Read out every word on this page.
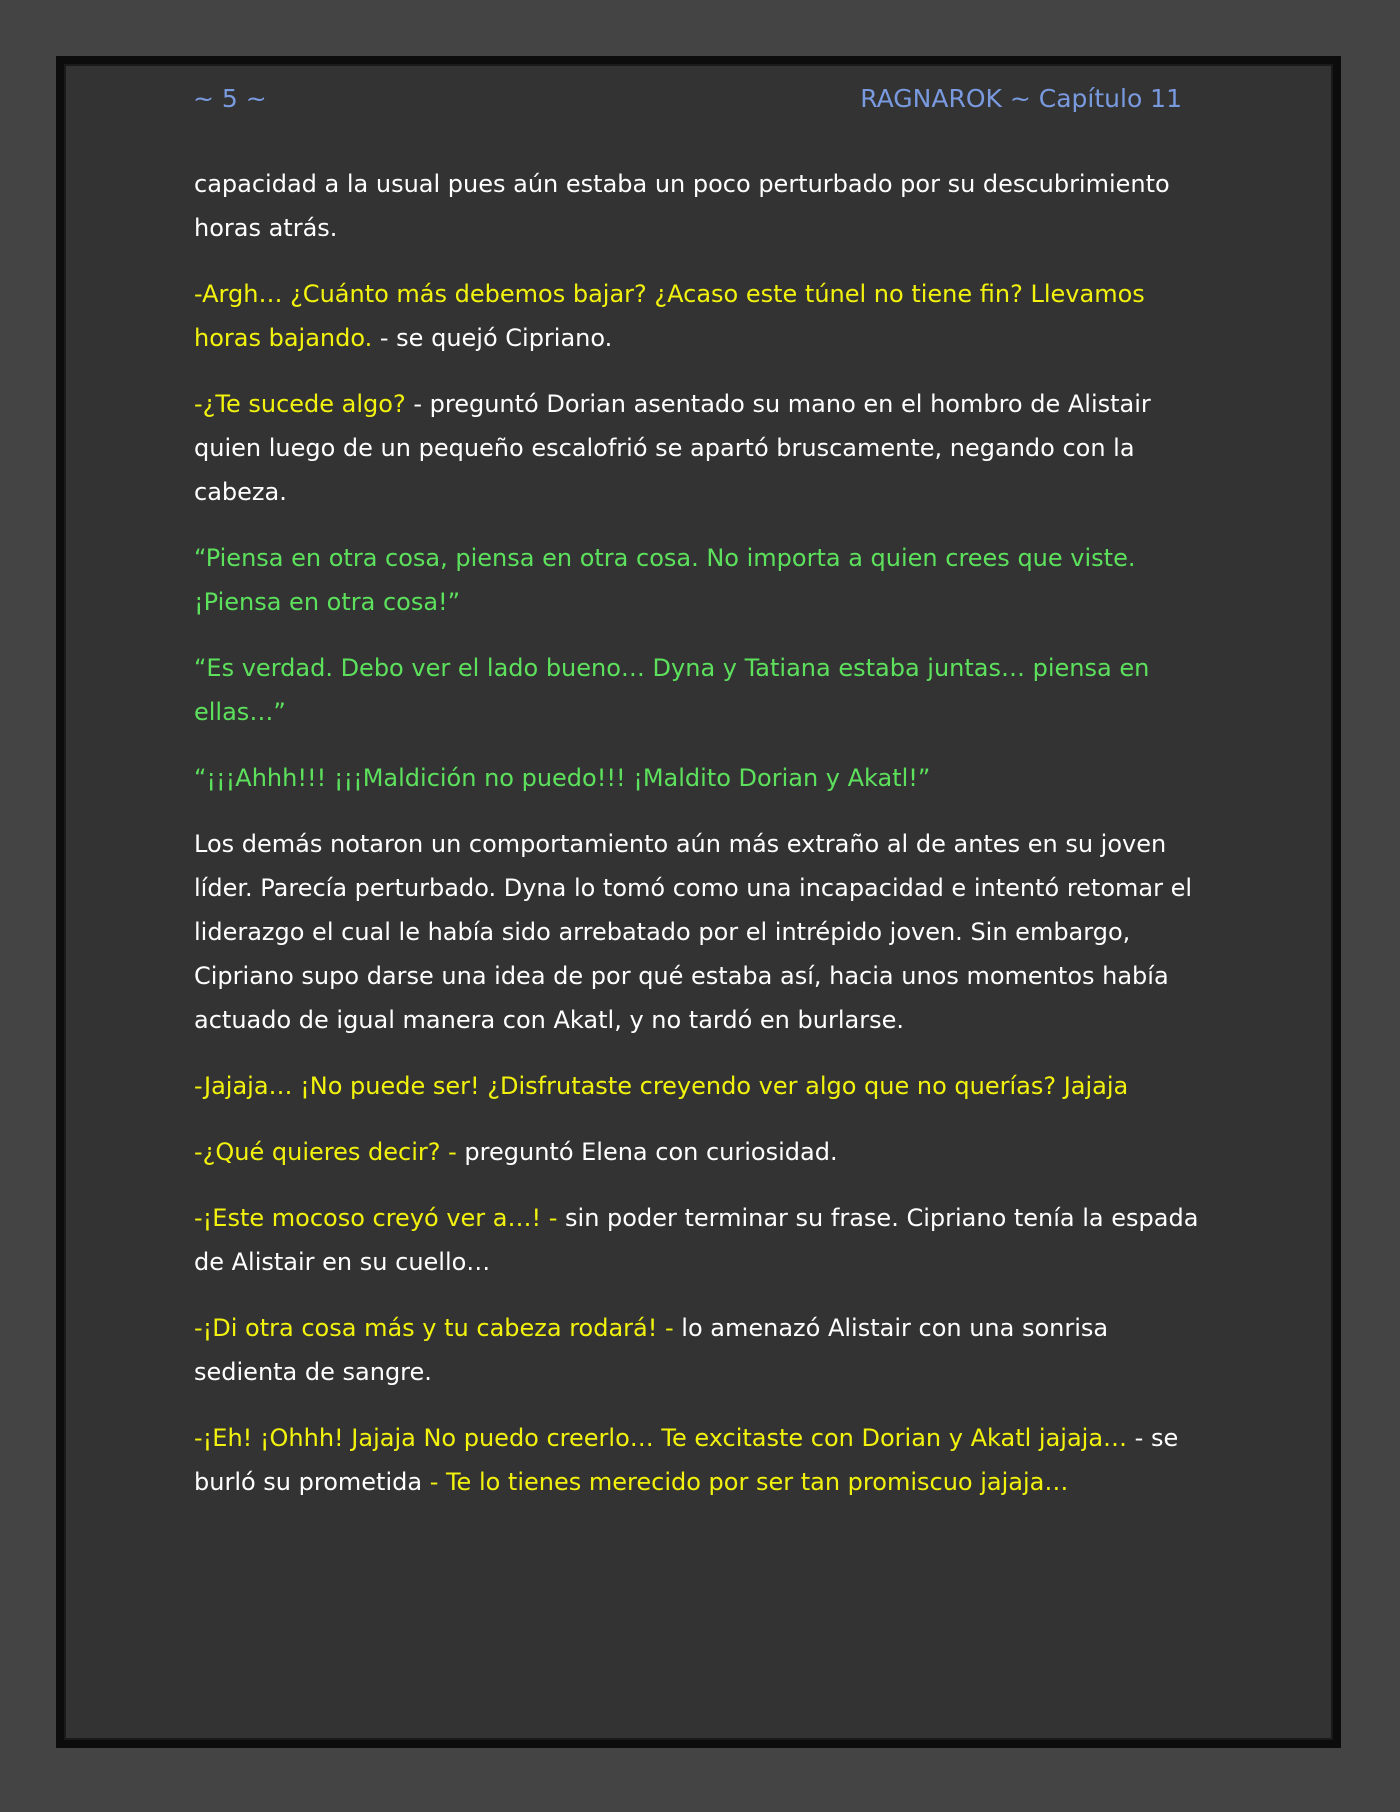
~ 5 ~	RAGNAROK ~ Capítulo 11

capacidad a la usual pues aún estaba un poco perturbado por su descubrimiento horas atrás.

-Argh… ¿Cuánto más debemos bajar? ¿Acaso este túnel no tiene fin? Llevamos horas bajando. - se quejó Cipriano.

-¿Te sucede algo? - preguntó Dorian asentado su mano en el hombro de Alistair quien luego de un pequeño escalofrió se apartó bruscamente, negando con la cabeza.

“Piensa en otra cosa, piensa en otra cosa. No importa a quien crees que viste. ¡Piensa en otra cosa!”

“Es verdad. Debo ver el lado bueno… Dyna y Tatiana estaba juntas… piensa en ellas…”

“¡¡¡Ahhh!!! ¡¡¡Maldición no puedo!!! ¡Maldito Dorian y Akatl!”

Los demás notaron un comportamiento aún más extraño al de antes en su joven líder. Parecía perturbado. Dyna lo tomó como una incapacidad e intentó retomar el liderazgo el cual le había sido arrebatado por el intrépido joven. Sin embargo, Cipriano supo darse una idea de por qué estaba así, hacia unos momentos había actuado de igual manera con Akatl, y no tardó en burlarse.

-Jajaja… ¡No puede ser! ¿Disfrutaste creyendo ver algo que no querías? Jajaja

-¿Qué quieres decir? - preguntó Elena con curiosidad.

-¡Este mocoso creyó ver a…! - sin poder terminar su frase. Cipriano tenía la espada de Alistair en su cuello…

-¡Di otra cosa más y tu cabeza rodará! - lo amenazó Alistair con una sonrisa sedienta de sangre.

-¡Eh! ¡Ohhh! Jajaja No puedo creerlo… Te excitaste con Dorian y Akatl jajaja… - se burló su prometida - Te lo tienes merecido por ser tan promiscuo jajaja…
